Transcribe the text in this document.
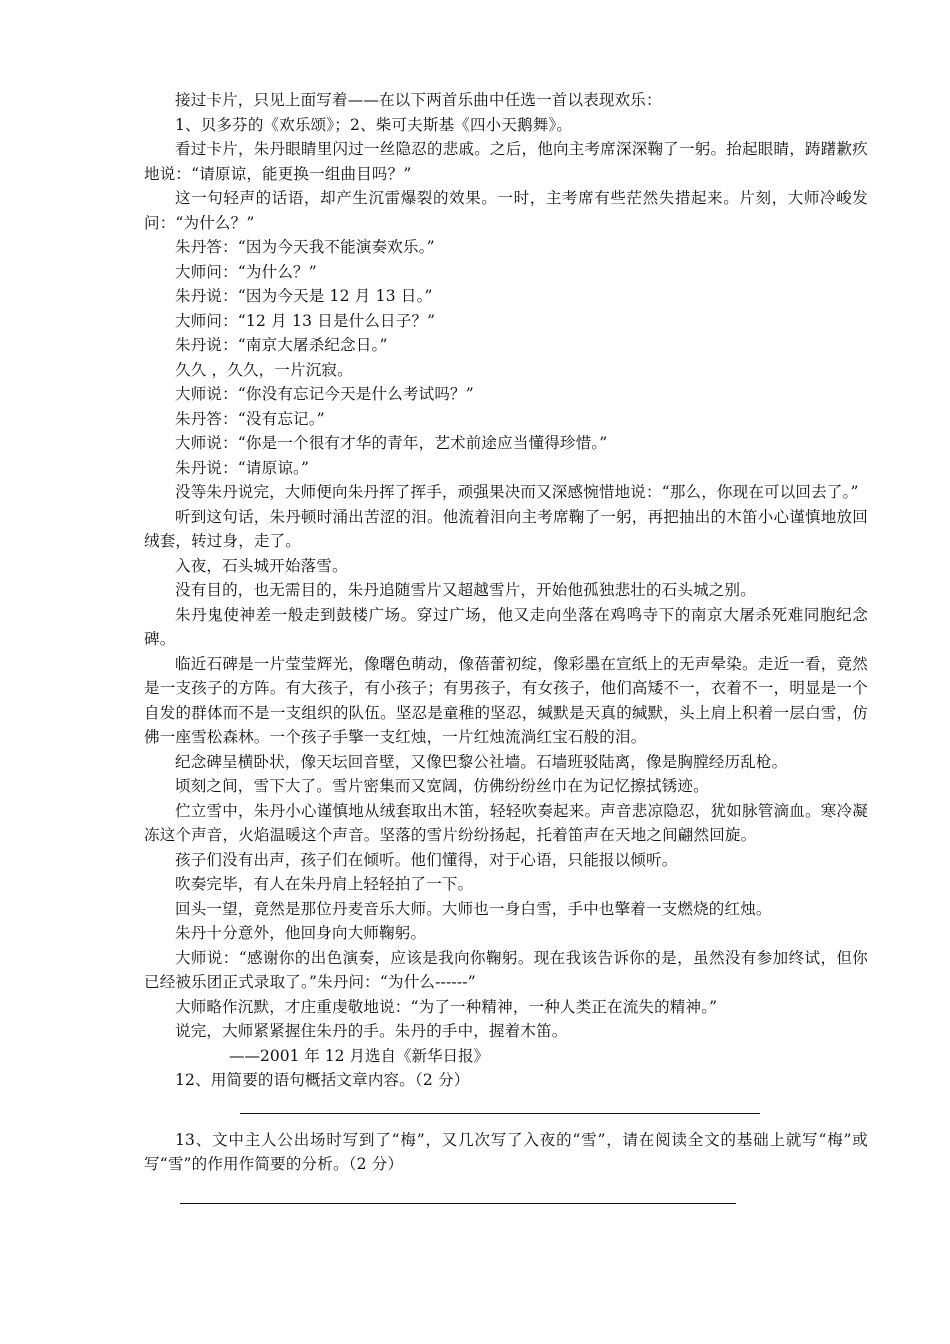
接过卡片，只见上面写着——在以下两首乐曲中任选一首以表现欢乐：

1、贝多芬的《欢乐颂》；2、柴可夫斯基《四小天鹅舞》。

看过卡片，朱丹眼睛里闪过一丝隐忍的悲戚。之后，他向主考席深深鞠了一躬。抬起眼睛，踌躇歉疚地说：“请原谅，能更换一组曲目吗？”

这一句轻声的话语，却产生沉雷爆裂的效果。一时，主考席有些茫然失措起来。片刻，大师冷峻发问：“为什么？”

朱丹答：“因为今天我不能演奏欢乐。”

大师问：“为什么？”

朱丹说：“因为今天是 12 月 13 日。”

大师问：“12 月 13 日是什么日子？”

朱丹说：“南京大屠杀纪念日。”

久久 ，久久，一片沉寂。

大师说：“你没有忘记今天是什么考试吗？”

朱丹答：“没有忘记。”

大师说：“你是一个很有才华的青年，艺术前途应当懂得珍惜。”

朱丹说：“请原谅。”

没等朱丹说完，大师便向朱丹挥了挥手，顽强果决而又深感惋惜地说：“那么，你现在可以回去了。”

听到这句话，朱丹顿时涌出苦涩的泪。他流着泪向主考席鞠了一躬，再把抽出的木笛小心谨慎地放回绒套，转过身，走了。

入夜，石头城开始落雪。

没有目的，也无需目的，朱丹追随雪片又超越雪片，开始他孤独悲壮的石头城之别。

朱丹鬼使神差一般走到鼓楼广场。穿过广场，他又走向坐落在鸡鸣寺下的南京大屠杀死难同胞纪念碑。

临近石碑是一片莹莹辉光，像曙色萌动，像蓓蕾初绽，像彩墨在宣纸上的无声晕染。走近一看，竟然是一支孩子的方阵。有大孩子，有小孩子；有男孩子，有女孩子，他们高矮不一，衣着不一，明显是一个自发的群体而不是一支组织的队伍。坚忍是童稚的坚忍，缄默是天真的缄默，头上肩上积着一层白雪，仿佛一座雪松森林。一个孩子手擎一支红烛，一片红烛流淌红宝石般的泪。

纪念碑呈横卧状，像天坛回音壁，又像巴黎公社墙。石墙班驳陆离，像是胸膛经历乱枪。

顷刻之间，雪下大了。雪片密集而又宽阔，仿佛纷纷丝巾在为记忆擦拭锈迹。

伫立雪中，朱丹小心谨慎地从绒套取出木笛，轻轻吹奏起来。声音悲凉隐忍，犹如脉管滴血。寒冷凝冻这个声音，火焰温暖这个声音。坚落的雪片纷纷扬起，托着笛声在天地之间翩然回旋。

孩子们没有出声，孩子们在倾听。他们懂得，对于心语，只能报以倾听。

吹奏完毕，有人在朱丹肩上轻轻拍了一下。

回头一望，竟然是那位丹麦音乐大师。大师也一身白雪，手中也擎着一支燃烧的红烛。

朱丹十分意外，他回身向大师鞠躬。

大师说：“感谢你的出色演奏，应该是我向你鞠躬。现在我该告诉你的是，虽然没有参加终试，但你已经被乐团正式录取了。”朱丹问：“为什么------”

大师略作沉默，才庄重虔敬地说：“为了一种精神，一种人类正在流失的精神。”

说完，大师紧紧握住朱丹的手。朱丹的手中，握着木笛。

——2001 年 12 月选自《新华日报》

12、用简要的语句概括文章内容。（2 分）

13、文中主人公出场时写到了“梅”，又几次写了入夜的“雪”，请在阅读全文的基础上就写“梅”或写“雪”的作用作简要的分析。（2 分）
